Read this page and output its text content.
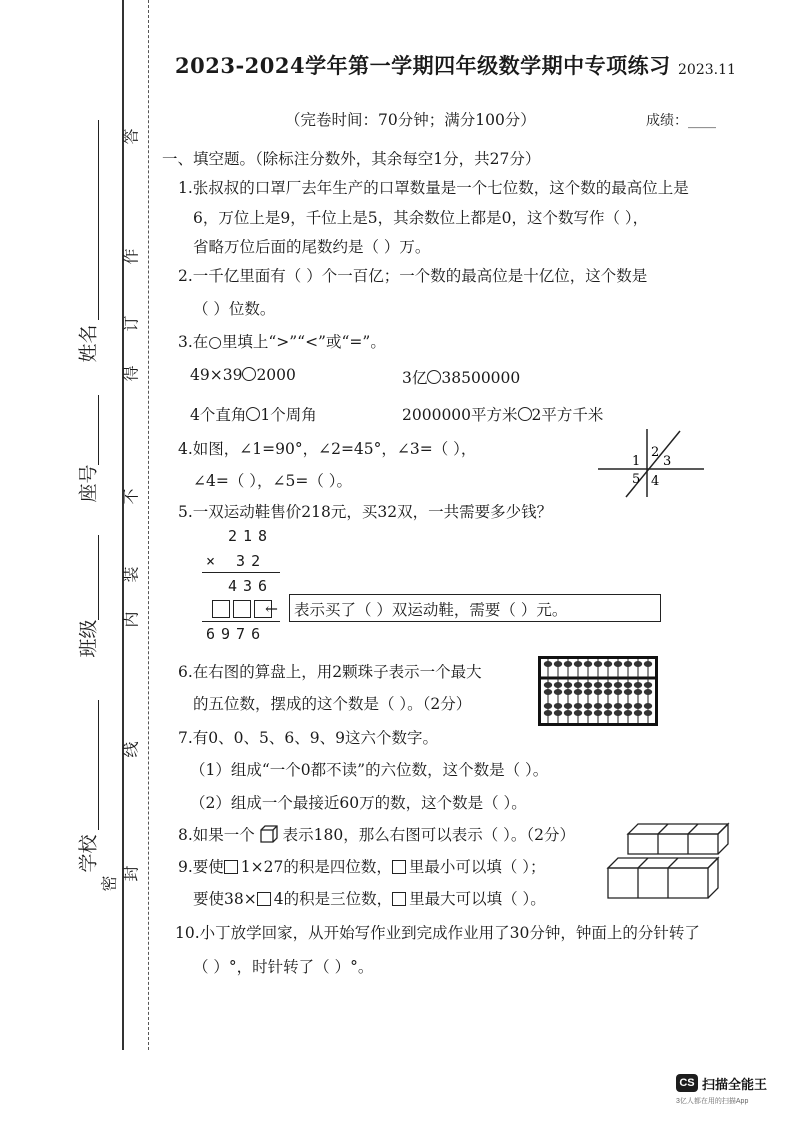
姓名
座号
班级
学校
答
作
得
不
内
线
密
封
订
装
2023-2024学年第一学期四年级数学期中专项练习 2023.11
（完卷时间：70分钟；满分100分）	成绩：____
一、填空题。（除标注分数外，其余每空1分，共27分）
1.张叔叔的口罩厂去年生产的口罩数量是一个七位数，这个数的最高位上是
6，万位上是9，千位上是5，其余数位上都是0，这个数写作（ ），
省略万位后面的尾数约是（ ）万。
2.一千亿里面有（ ）个一百亿；一个数的最高位是十亿位，这个数是
（ ）位数。
3.在○里填上“>”“<”或“=”。
49×39 2000	3亿 38500000
4个直角 1个周角	2000000平方米 2平方千米
4.如图，∠1=90°，∠2=45°，∠3=（ ），
∠4=（ ），∠5=（ ）。
1
2
3
5 4
5.一双运动鞋售价218元，买32双，一共需要多少钱？
218
× 32
436
←
6976
表示买了（ ）双运动鞋，需要（ ）元。
6.在右图的算盘上，用2颗珠子表示一个最大
的五位数，摆成的这个数是（ ）。（2分）
7.有0、0、5、6、9、9这六个数字。
（1）组成“一个0都不读”的六位数，这个数是（ ）。
（2）组成一个最接近60万的数，这个数是（ ）。
8.如果一个 表示180，那么右图可以表示（ ）。（2分）
9.要使 1×27的积是四位数， 里最小可以填（ ）；
要使38× 4的积是三位数， 里最大可以填（ ）。
10.小丁放学回家，从开始写作业到完成作业用了30分钟，钟面上的分针转了
（ ）°，时针转了（ ）°。
CS 扫描全能王
3亿人都在用的扫描App
